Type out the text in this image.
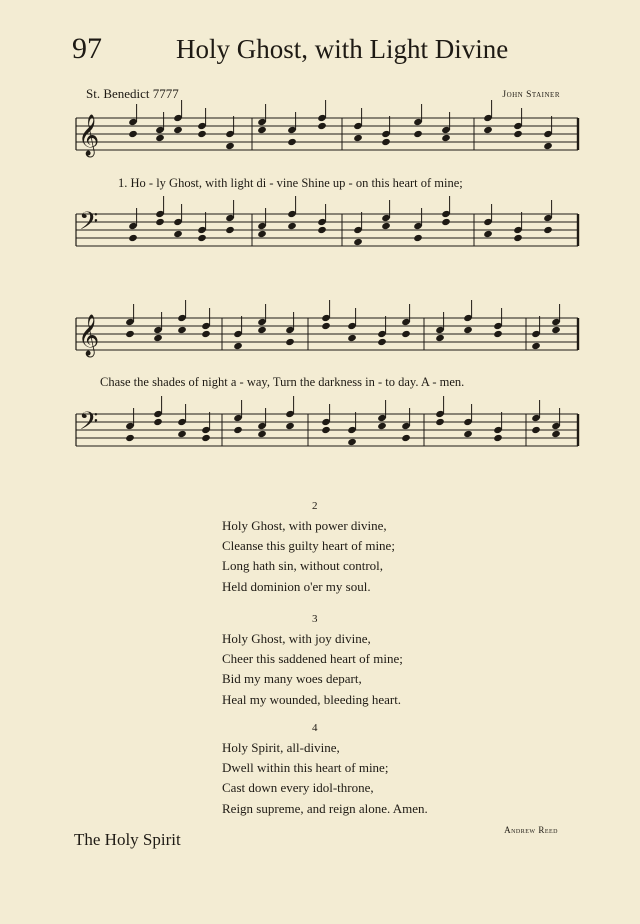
97	Holy Ghost, with Light Divine
St. Benedict 7777	John Stainer
𝄞
𝄢
𝄞
𝄢
1. Ho - ly Ghost, with light di - vine Shine up - on this heart of mine;
Chase the shades of night a - way, Turn the darkness in - to day. A - men.
2
Holy Ghost, with power divine,
Cleanse this guilty heart of mine;
Long hath sin, without control,
Held dominion o'er my soul.
3
Holy Ghost, with joy divine,
Cheer this saddened heart of mine;
Bid my many woes depart,
Heal my wounded, bleeding heart.
4
Holy Spirit, all-divine,
Dwell within this heart of mine;
Cast down every idol-throne,
Reign supreme, and reign alone. Amen.
Andrew Reed
The Holy Spirit
